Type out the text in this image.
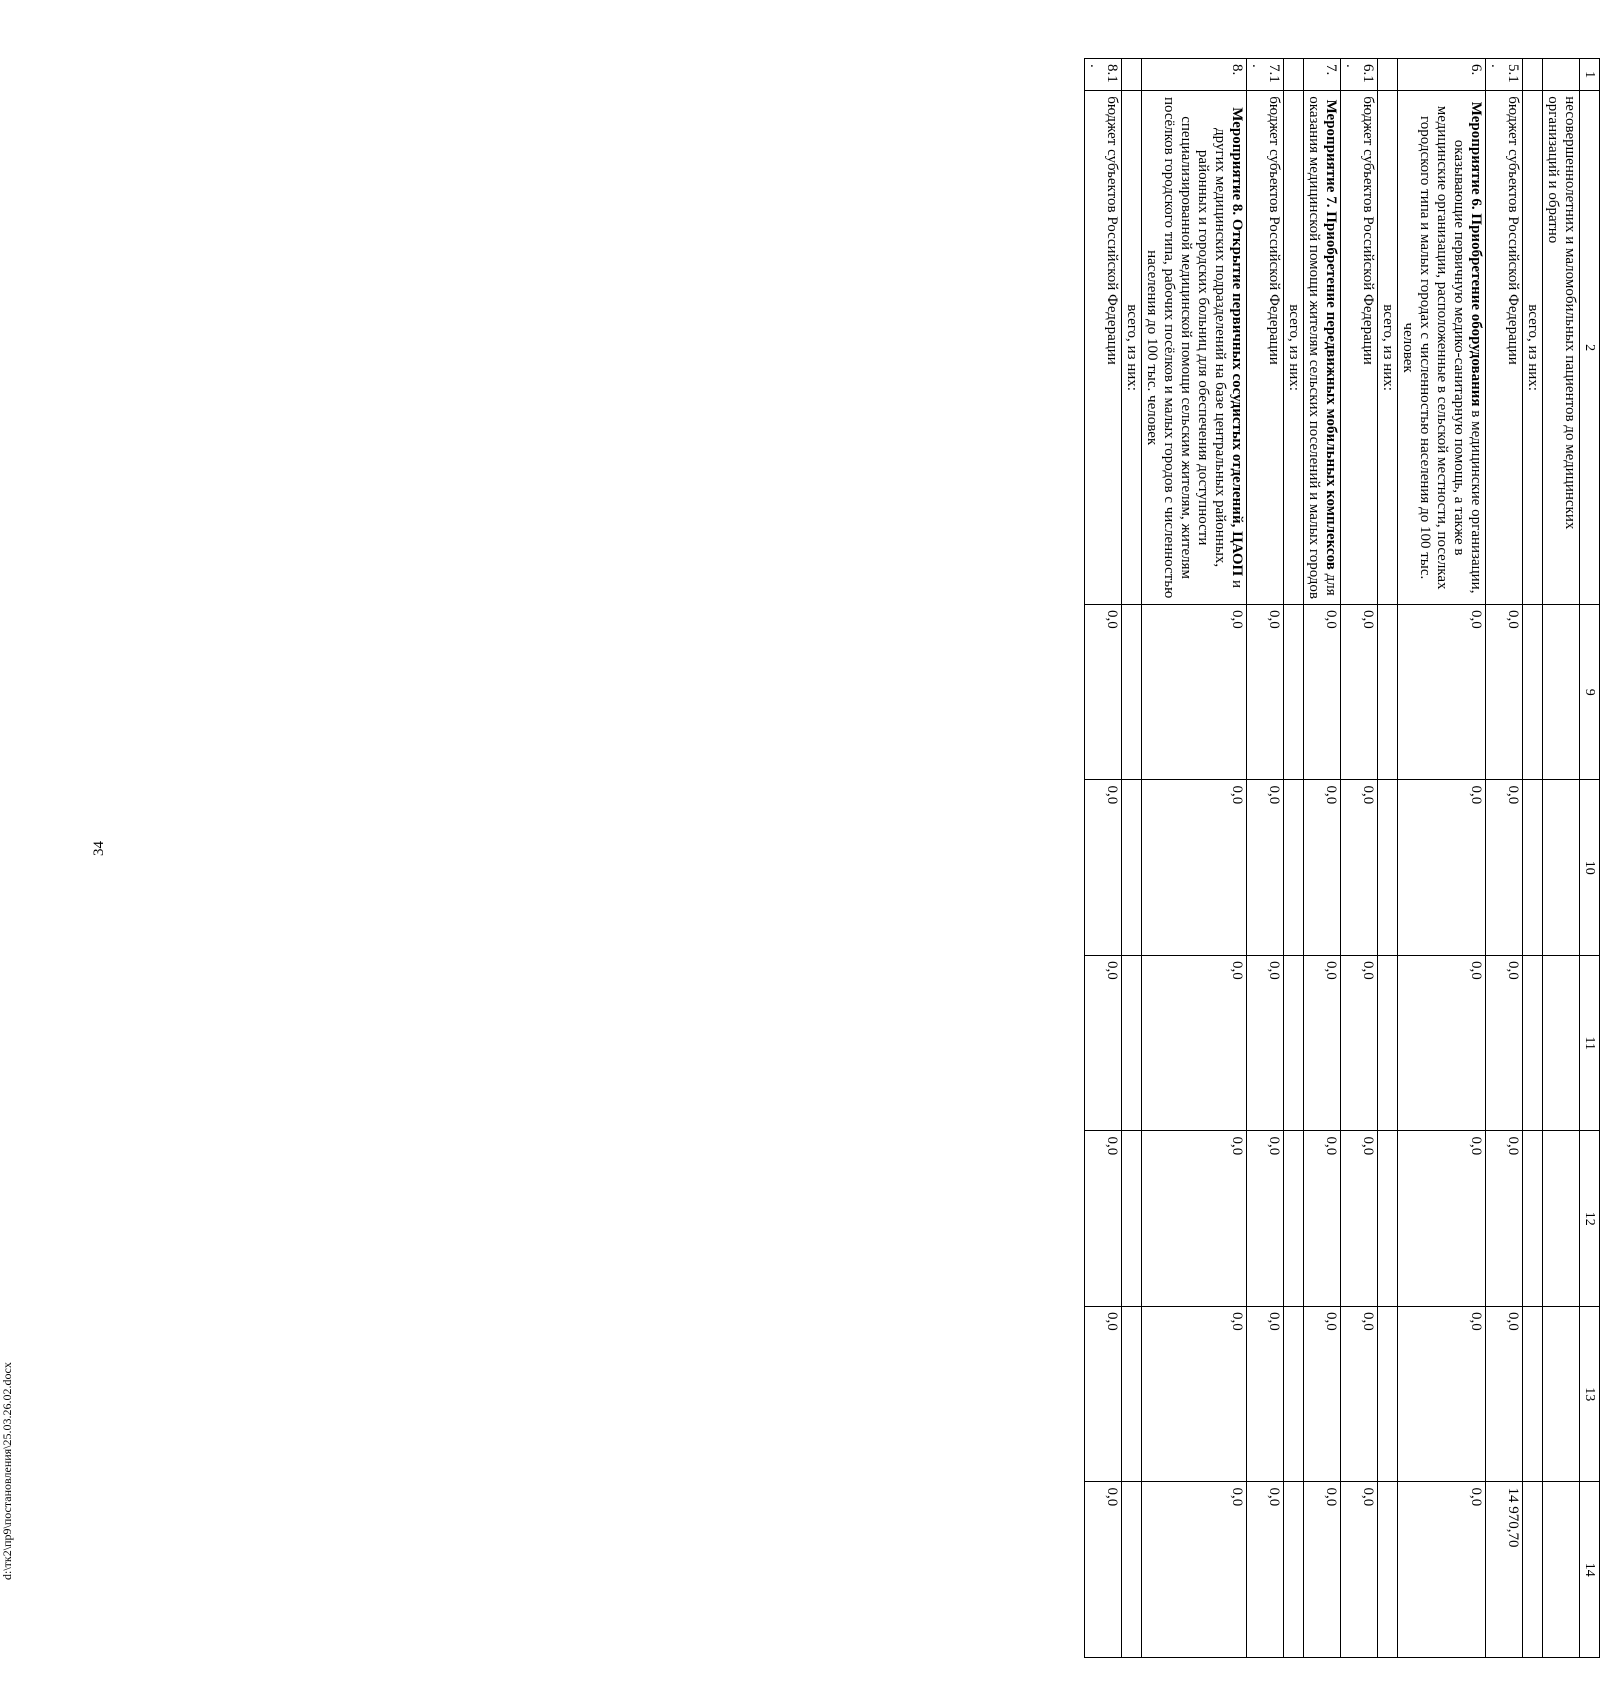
34
d:\тк2\пр9\постановления\25.03.26.02.docx
1	2	9	10	11	12	13	14
	несовершеннолетних и маломобильных пациентов до медицинских организаций и обратно						
	всего, из них:						
5.1.	бюджет субъектов Российской Федерации	0,0	0,0	0,0	0,0	0,0	14 970,70
6.	Мероприятие 6. Приобретение оборудования в медицинские организации, оказывающие первичную медико-санитарную помощь, а также в медицинские организации, расположенные в сельской местности, поселках городского типа и малых городах с численностью населения до 100 тыс. человек	0,0	0,0	0,0	0,0	0,0	0,0
	всего, из них:						
6.1.	бюджет субъектов Российской Федерации	0,0	0,0	0,0	0,0	0,0	0,0
7.	Мероприятие 7. Приобретение передвижных мобильных комплексов для оказания медицинской помощи жителям сельских поселений и малых городов	0,0	0,0	0,0	0,0	0,0	0,0
	всего, из них:						
7.1.	бюджет субъектов Российской Федерации	0,0	0,0	0,0	0,0	0,0	0,0
8.	Мероприятие 8. Открытие первичных сосудистых отделений, ЦАОП и других медицинских подразделений на базе центральных районных, районных и городских больниц для обеспечения доступности специализированной медицинской помощи сельским жителям, жителям посёлков городского типа, рабочих посёлков и малых городов с численностью населения до 100 тыс. человек	0,0	0,0	0,0	0,0	0,0	0,0
	всего, из них:						
8.1.	бюджет субъектов Российской Федерации	0,0	0,0	0,0	0,0	0,0	0,0
